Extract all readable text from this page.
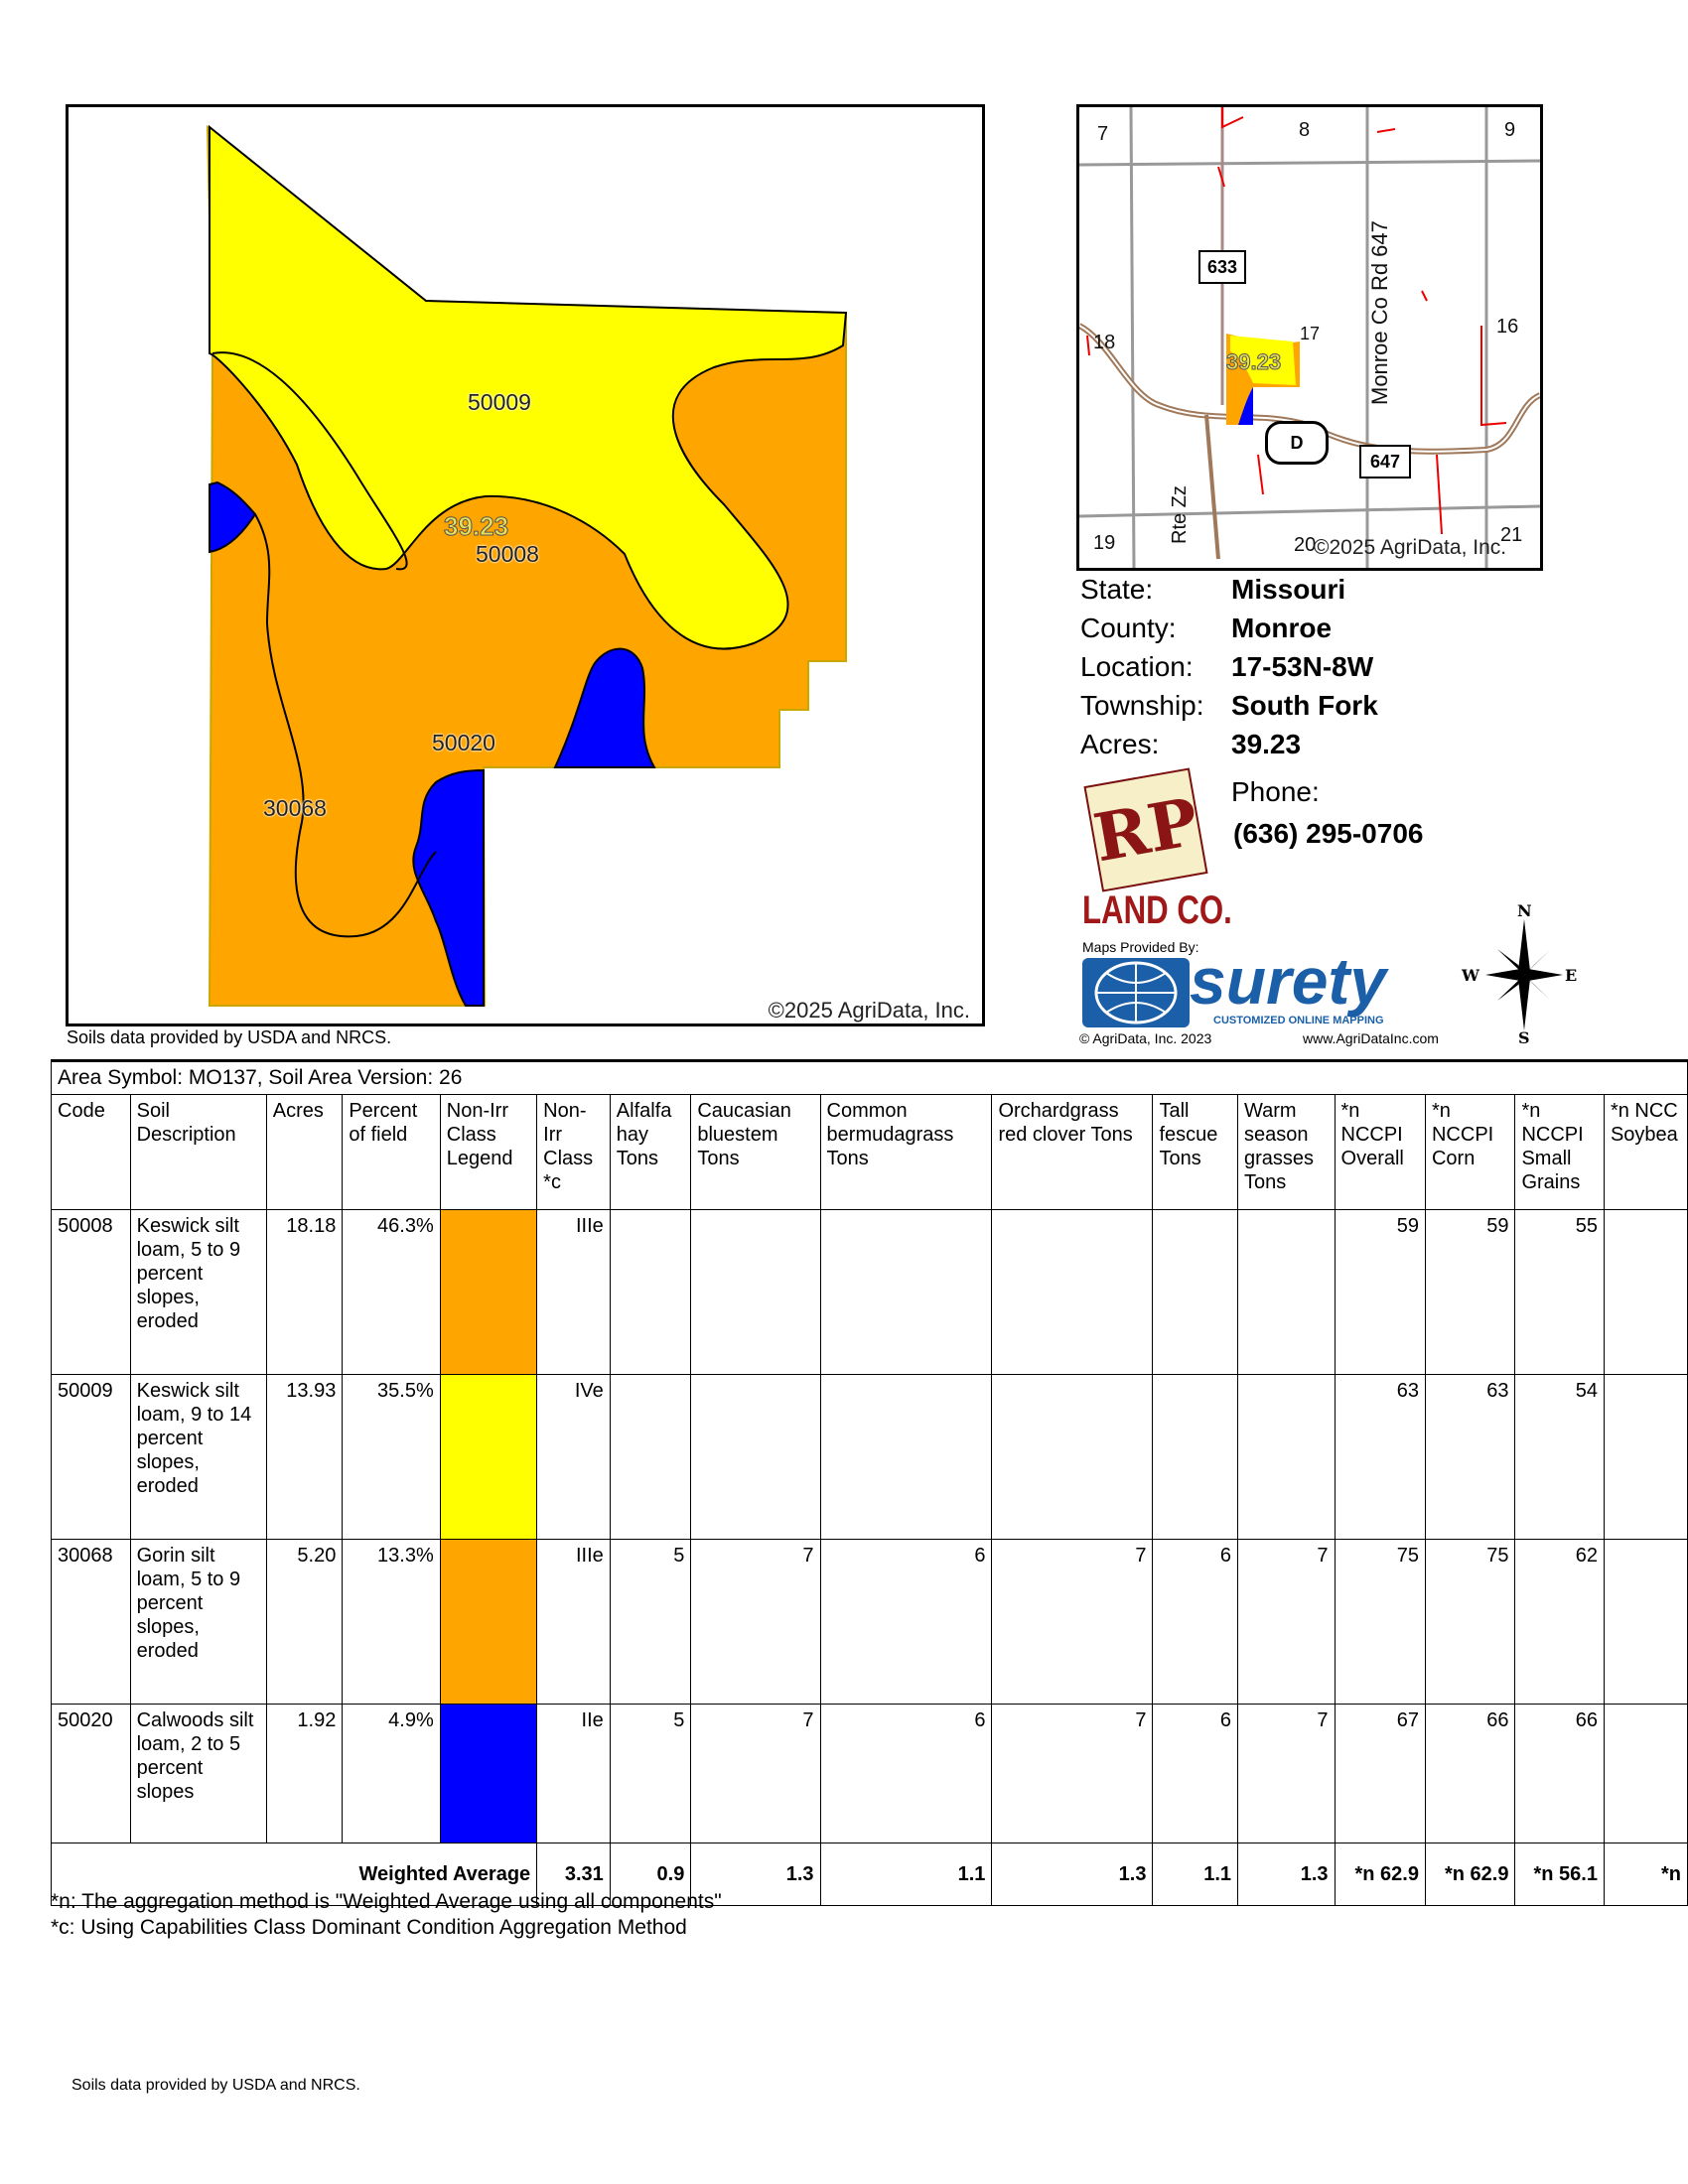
50009
39.23
50008
50020
30068
©2025 AgriData, Inc.
Soils data provided by USDA and NRCS.
7	8	9
16
17
18
19	20	21
Monroe Co Rd 647
Rte Zz
633
D
647
39.23
©2025 AgriData, Inc.
State:	Missouri
County: Monroe
Location: 17-53N-8W
Township: South Fork
Acres:	39.23
Phone:
(636) 295-0706
RP
LAND CO.
Maps Provided By:
surety
CUSTOMIZED ONLINE MAPPING
© AgriData, Inc. 2023	www.AgriDataInc.com
N
S
W	E
Area Symbol: MO137, Soil Area Version: 26															
Code	Soil Description	Acres	Percent of field	Non-Irr Class Legend	Non-Irr Class *c	Alfalfa hay Tons	Caucasian bluestem Tons	Common bermudagrass Tons	Orchardgrass red clover Tons	Tall fescue Tons	Warm season grasses Tons	*n NCCPI Overall	*n NCCPI Corn	*n NCCPI Small Grains	*n NCC Soybea
50008	Keswick silt loam, 5 to 9 percent slopes, eroded	18.18	46.3%		IIIe							59	59	55	
50009	Keswick silt loam, 9 to 14 percent slopes, eroded	13.93	35.5%		IVe							63	63	54	
30068	Gorin silt loam, 5 to 9 percent slopes, eroded	5.20	13.3%		IIIe	5	7	6	7	6	7	75	75	62	
50020	Calwoods silt loam, 2 to 5 percent slopes	1.92	4.9%		IIe	5	7	6	7	6	7	67	66	66	
Weighted Average					3.31	0.9	1.3	1.1	1.3	1.1	1.3	*n 62.9	*n 62.9	*n 56.1	*n
*n: The aggregation method is "Weighted Average using all components"
*c: Using Capabilities Class Dominant Condition Aggregation Method
Soils data provided by USDA and NRCS.
